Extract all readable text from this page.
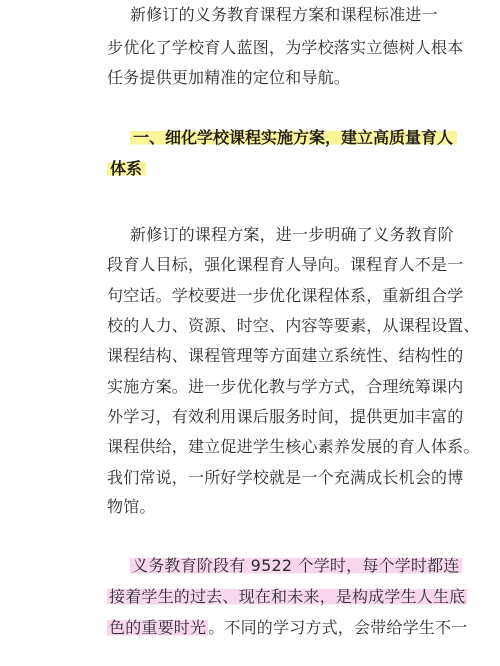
新修订的义务教育课程方案和课程标准进一
步优化了学校育人蓝图，为学校落实立德树人根本
任务提供更加精准的定位和导航。
一、细化学校课程实施方案，建立高质量育人
体系
新修订的课程方案，进一步明确了义务教育阶
段育人目标，强化课程育人导向。课程育人不是一
句空话。学校要进一步优化课程体系，重新组合学
校的人力、资源、时空、内容等要素，从课程设置、
课程结构、课程管理等方面建立系统性、结构性的
实施方案。进一步优化教与学方式，合理统筹课内
外学习，有效利用课后服务时间，提供更加丰富的
课程供给，建立促进学生核心素养发展的育人体系。
我们常说，一所好学校就是一个充满成长机会的博
物馆。
义务教育阶段有 9522 个学时，每个学时都连
接着学生的过去、现在和未来，是构成学生人生底
色的重要时光 。不同的学习方式，会带给学生不一
